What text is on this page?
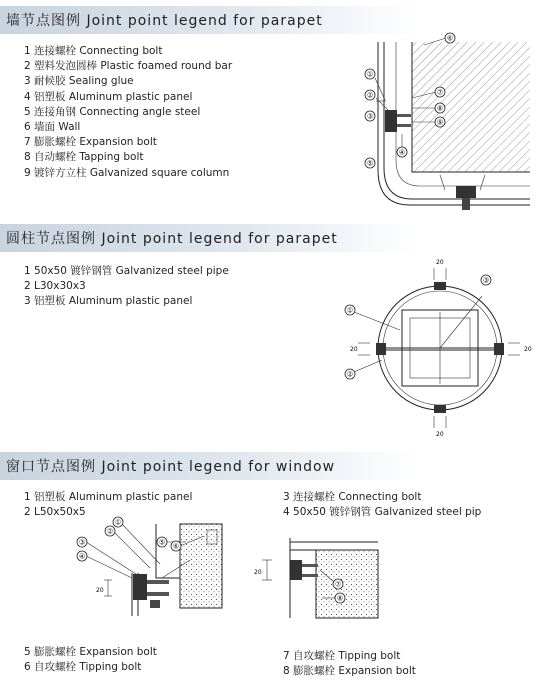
墙节点图例 Joint point legend for parapet
1 连接螺栓 Connecting bolt
2 塑料发泡圆棒 Plastic foamed round bar
3 耐候胶 Sealing glue
4 铝塑板 Aluminum plastic panel
5 连接角钢 Connecting angle steel
6 墙面 Wall
7 膨胀螺栓 Expansion bolt
8 自动螺栓 Tapping bolt
9 镀锌方立柱 Galvanized square column
①
②
③
④
⑤
⑥
⑦
⑧
⑨
圆柱节点图例 Joint point legend for parapet
1 50x50 镀锌钢管 Galvanized steel pipe
2 L30x30x3
3 铝塑板 Aluminum plastic panel
20
20
20	20
①
②
③
窗口节点图例 Joint point legend for window
1 铝塑板 Aluminum plastic panel
2 L50x50x5
3 连接螺栓 Connecting bolt
4 50x50 镀锌钢管 Galvanized steel pip
5 膨胀螺栓 Expansion bolt
6 自攻螺栓 Tipping bolt
7 自攻螺栓 Tipping bolt
8 膨胀螺栓 Expansion bolt
20
①
②
③
④
⑤ ⑥
20
⑦
⑧
